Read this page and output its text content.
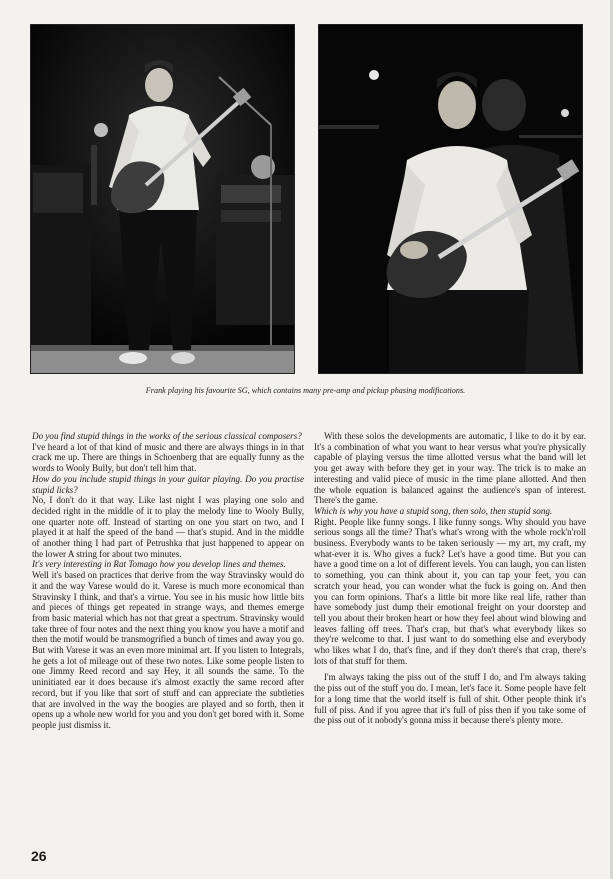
Frank playing his favourite SG, which contains many pre-amp and pickup phasing modifications.

Do you find stupid things in the works of the serious classical composers?

I've heard a lot of that kind of music and there are always things in in that crack me up. There are things in Schoenberg that are equally funny as the words to Wooly Bully, but don't tell him that.

How do you include stupid things in your guitar playing. Do you practise stupid licks?

No, I don't do it that way. Like last night I was playing one solo and decided right in the middle of it to play the melody line to Wooly Bully, one quarter note off. Instead of starting on one you start on two, and I played it at half the speed of the band — that's stupid. And in the middle of another thing I had part of Petrushka that just happened to appear on the lower A string for about two minutes.

It's very interesting in Rat Tomago how you develop lines and themes.

Well it's based on practices that derive from the way Stravinsky would do it and the way Varese would do it. Varese is much more economical than Stravinsky I think, and that's a virtue. You see in his music how little bits and pieces of things get repeated in strange ways, and themes emerge from basic material which has not that great a spectrum. Stravinsky would take three of four notes and the next thing you know you have a motif and then the motif would be transmogrified a bunch of times and away you go. But with Varese it was an even more minimal art. If you listen to Integrals, he gets a lot of mileage out of these two notes. Like some people listen to one Jimmy Reed record and say Hey, it all sounds the same. To the uninitiated ear it does because it's almost exactly the same record after record, but if you like that sort of stuff and can appreciate the subtleties that are involved in the way the boogies are played and so forth, then it opens up a whole new world for you and you don't get bored with it. Some people just dismiss it.

With these solos the developments are automatic, I like to do it by ear. It's a combination of what you want to hear versus what you're physically capable of playing versus the time allotted versus what the band will let you get away with before they get in your way. The trick is to make an interesting and valid piece of music in the time plane allotted. And then the whole equation is balanced against the audience's span of interest. There's the game.

Which is why you have a stupid song, then solo, then stupid song.

Right. People like funny songs. I like funny songs. Why should you have serious songs all the time? That's what's wrong with the whole rock'n'roll business. Everybody wants to be taken seriously — my art, my craft, my what-ever it is. Who gives a fuck? Let's have a good time. But you can have a good time on a lot of different levels. You can laugh, you can listen to something, you can think about it, you can tap your feet, you can scratch your head, you can wonder what the fuck is going on. And then you can form opinions. That's a little bit more like real life, rather than have somebody just dump their emotional freight on your doorstep and tell you about their broken heart or how they feel about wind blowing and leaves falling off trees. That's crap, but that's what everybody likes so they're welcome to that. I just want to do something else and everybody who likes what I do, that's fine, and if they don't there's that crap, there's lots of that stuff for them.

I'm always taking the piss out of the stuff I do, and I'm always taking the piss out of the stuff you do. I mean, let's face it. Some people have felt for a long time that the world itself is full of shit. Other people think it's full of piss. And if you agree that it's full of piss then if you take some of the piss out of it nobody's gonna miss it because there's plenty more.

26
